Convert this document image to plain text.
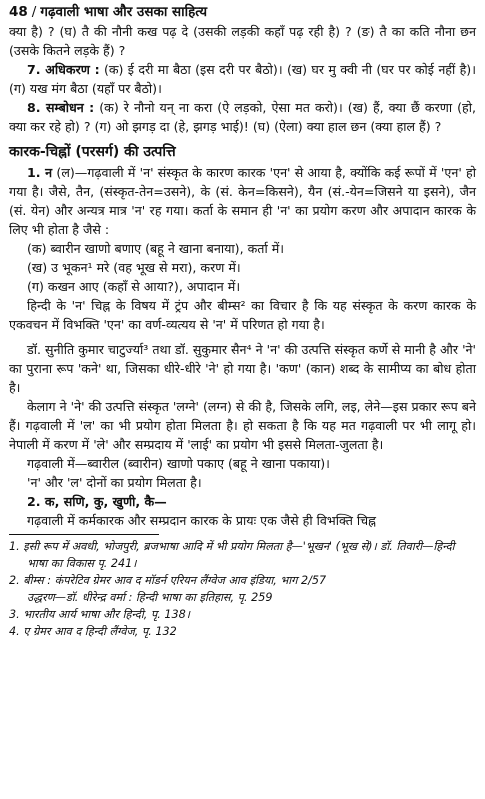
48 / गढ़वाली भाषा और उसका साहित्य

क्या है) ? (घ) तै की नौनी कख पढ़ दे (उसकी लड़की कहाँ पढ़ रही है) ? (ङ) तै का कति नौना छन (उसके कितने लड़के हैं) ?

7. अधिकरण : (क) ई दरी मा बैठा (इस दरी पर बैठो)। (ख) घर मु क्वी नी (घर पर कोई नहीं है)। (ग) यख मंग बैठा (यहाँ पर बैठो)।

8. सम्बोधन : (क) रे नौनो यन् ना करा (ऐ लड़को, ऐसा मत करो)। (ख) हैं, क्या छैं करणा (हो, क्या कर रहे हो) ? (ग) ओ झगड़ दा (हे, झगड़ भाई)! (घ) (ऐला) क्या हाल छन (क्या हाल हैं) ?

कारक-चिह्नों (परसर्ग) की उत्पत्ति

1. न (ल)—गढ़वाली में 'न' संस्कृत के कारण कारक 'एन' से आया है, क्योंकि कई रूपों में 'एन' हो गया है। जैसे, तैन, (संस्कृत-तेन=उसने), के (सं. केन=किसने), यैन (सं.-येन=जिसने या इसने), जैन (सं. येन) और अन्यत्र मात्र 'न' रह गया। कर्ता के समान ही 'न' का प्रयोग करण और अपादान कारक के लिए भी होता है जैसे :

(क) ब्वारीन खाणो बणाए (बहू ने खाना बनाया), कर्ता में।

(ख) उ भूकन¹ मरे (वह भूख से मरा), करण में।

(ग) कखन आए (कहाँ से आया?), अपादान में।

हिन्दी के 'न' चिह्न के विषय में ट्रंप और बीम्स² का विचार है कि यह संस्कृत के करण कारक के एकवचन में विभक्ति 'एन' का वर्ण-व्यत्यय से 'न' में परिणत हो गया है।

डॉ. सुनीति कुमार चाटुर्ज्या³ तथा डॉ. सुकुमार सैन⁴ ने 'न' की उत्पत्ति संस्कृत कर्णे से मानी है और 'ने' का पुराना रूप 'कने' था, जिसका धीरे-धीरे 'ने' हो गया है। 'कण' (कान) शब्द के सामीप्य का बोध होता है।

केलाग ने 'ने' की उत्पत्ति संस्कृत 'लग्ने' (लग्न) से की है, जिसके लगि, लइ, लेने—इस प्रकार रूप बने हैं। गढ़वाली में 'ल' का भी प्रयोग होता मिलता है। हो सकता है कि यह मत गढ़वाली पर भी लागू हो। नेपाली में करण में 'ले' और सम्प्रदाय में 'लाई' का प्रयोग भी इससे मिलता-जुलता है।

गढ़वाली में—ब्वारील (ब्वारीन) खाणो पकाए (बहू ने खाना पकाया)।

'न' और 'ल' दोनों का प्रयोग मिलता है।

2. क, सणि, कु, खुणी, कै—

गढ़वाली में कर्मकारक और सम्प्रदान कारक के प्रायः एक जैसे ही विभक्ति चिह्न

1. इसी रूप में अवधी, भोजपुरी, ब्रजभाषा आदि में भी प्रयोग मिलता है—'भूखन' (भूख से)। डॉ. तिवारी—हिन्दी भाषा का विकास पृ. 241।

2. बीम्स : कंपरेटिव ग्रेमर आव द मॉडर्न एरियन लैंग्वेज आव इंडिया, भाग 2/57

उद्धरण—डॉ. धीरेन्द्र वर्मा : हिन्दी भाषा का इतिहास, पृ. 259

3. भारतीय आर्य भाषा और हिन्दी, पृ. 138।

4. ए ग्रेमर आव द हिन्दी लैंग्वेज, पृ. 132
